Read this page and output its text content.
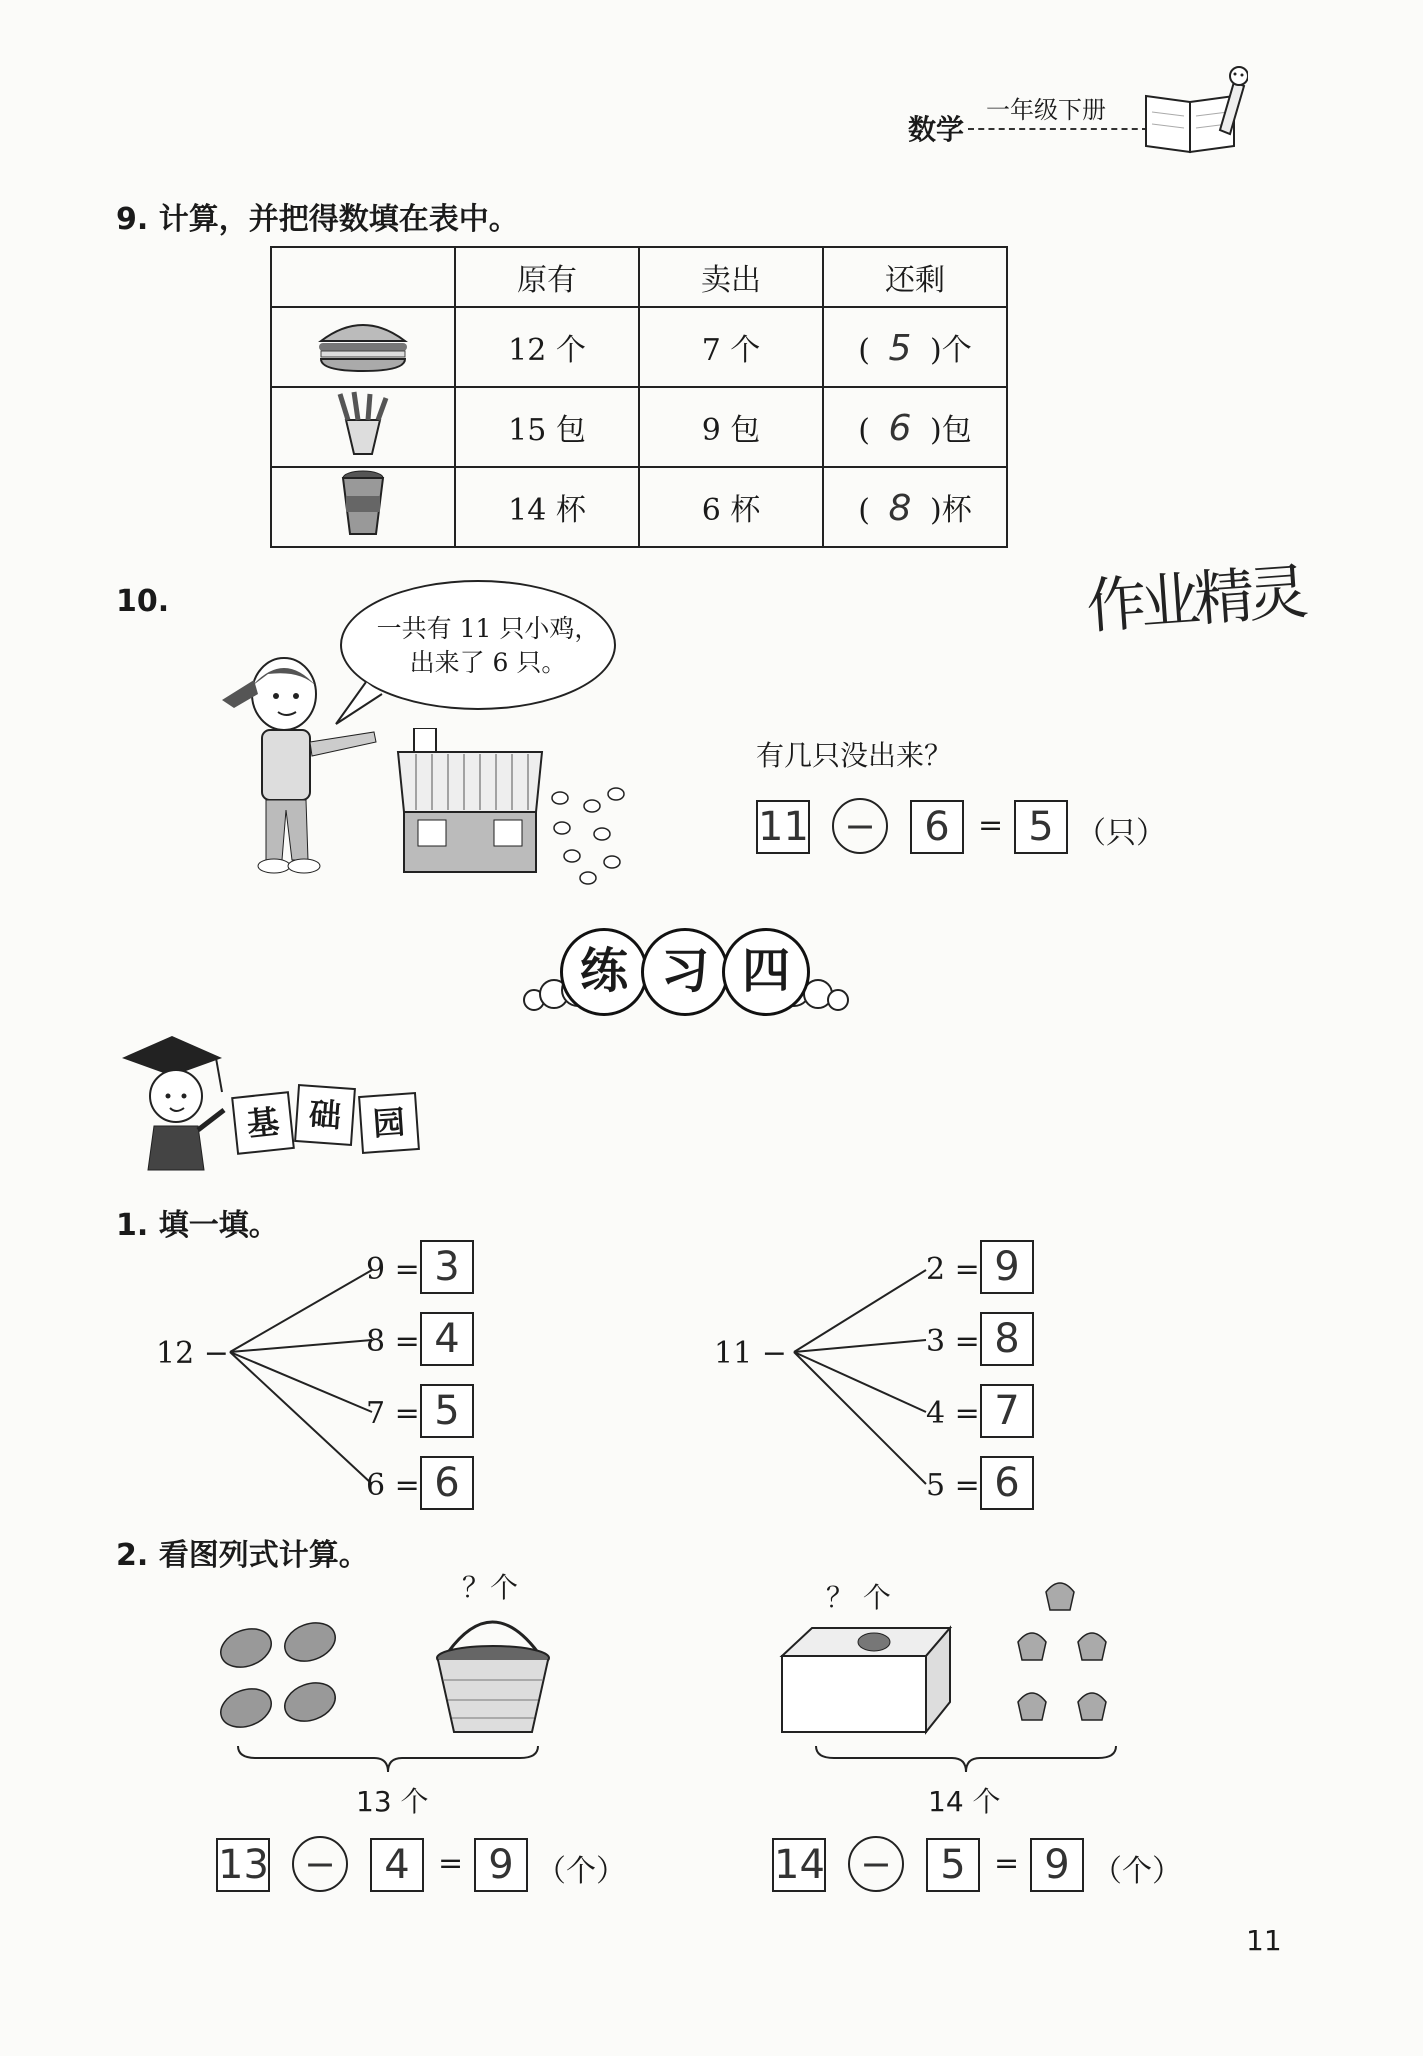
数学
一年级下册
9. 计算，并把得数填在表中。
	原有	卖出	还剩
	12 个	7 个	( 5 )个
	15 包	9 包	( 6 )包
	14 杯	6 杯	( 8 )杯
作业精灵
10.
一共有 11 只小鸡，出来了 6 只。
有几只没出来？
11 −	6 = 5 （只）
练 习 四
基 础 园
1. 填一填。
12 −
9 = 3
8 = 4
7 = 5
6 = 6
11 −
2 = 9
3 = 8
4 = 7
5 = 6
2. 看图列式计算。
？个
13 个
13 −	4 = 9 （个）
？ 个
14 个
14 −	5 = 9 （个）
11
